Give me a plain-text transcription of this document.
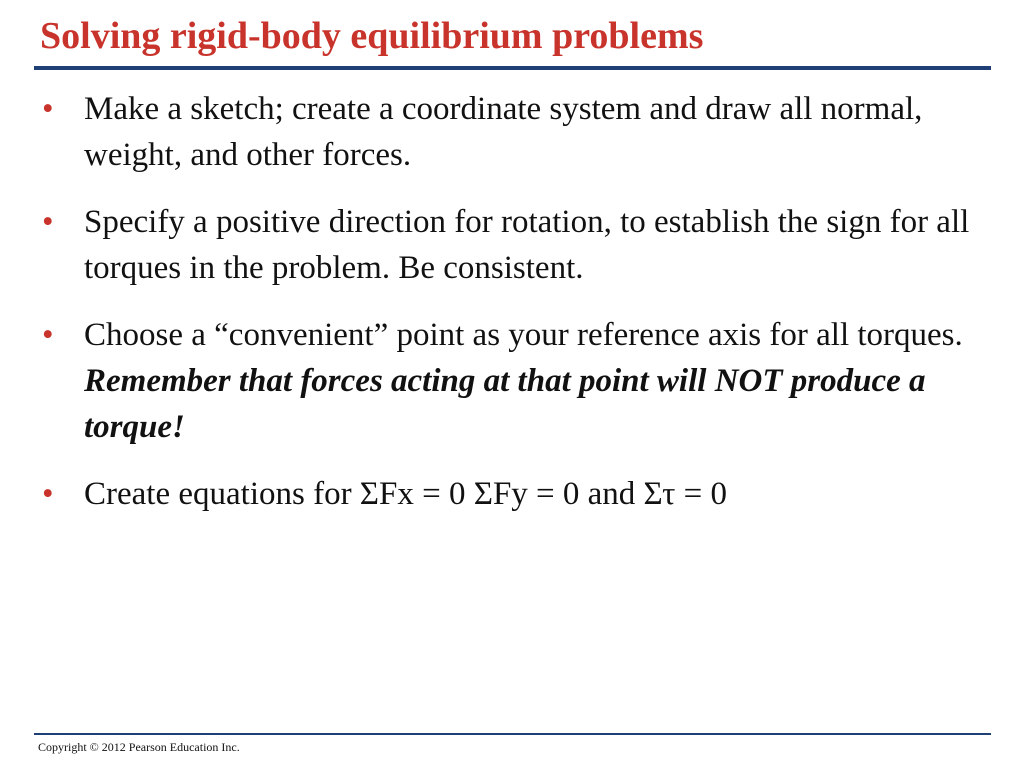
Solving rigid-body equilibrium problems
• Make a sketch; create a coordinate system and draw all normal, weight, and other forces.
• Specify a positive direction for rotation, to establish the sign for all torques in the problem. Be consistent.
• Choose a “convenient” point as your reference axis for all torques. Remember that forces acting at that point will NOT produce a torque!
• Create equations for ΣFx = 0 ΣFy = 0 and Στ = 0

Copyright © 2012 Pearson Education Inc.
